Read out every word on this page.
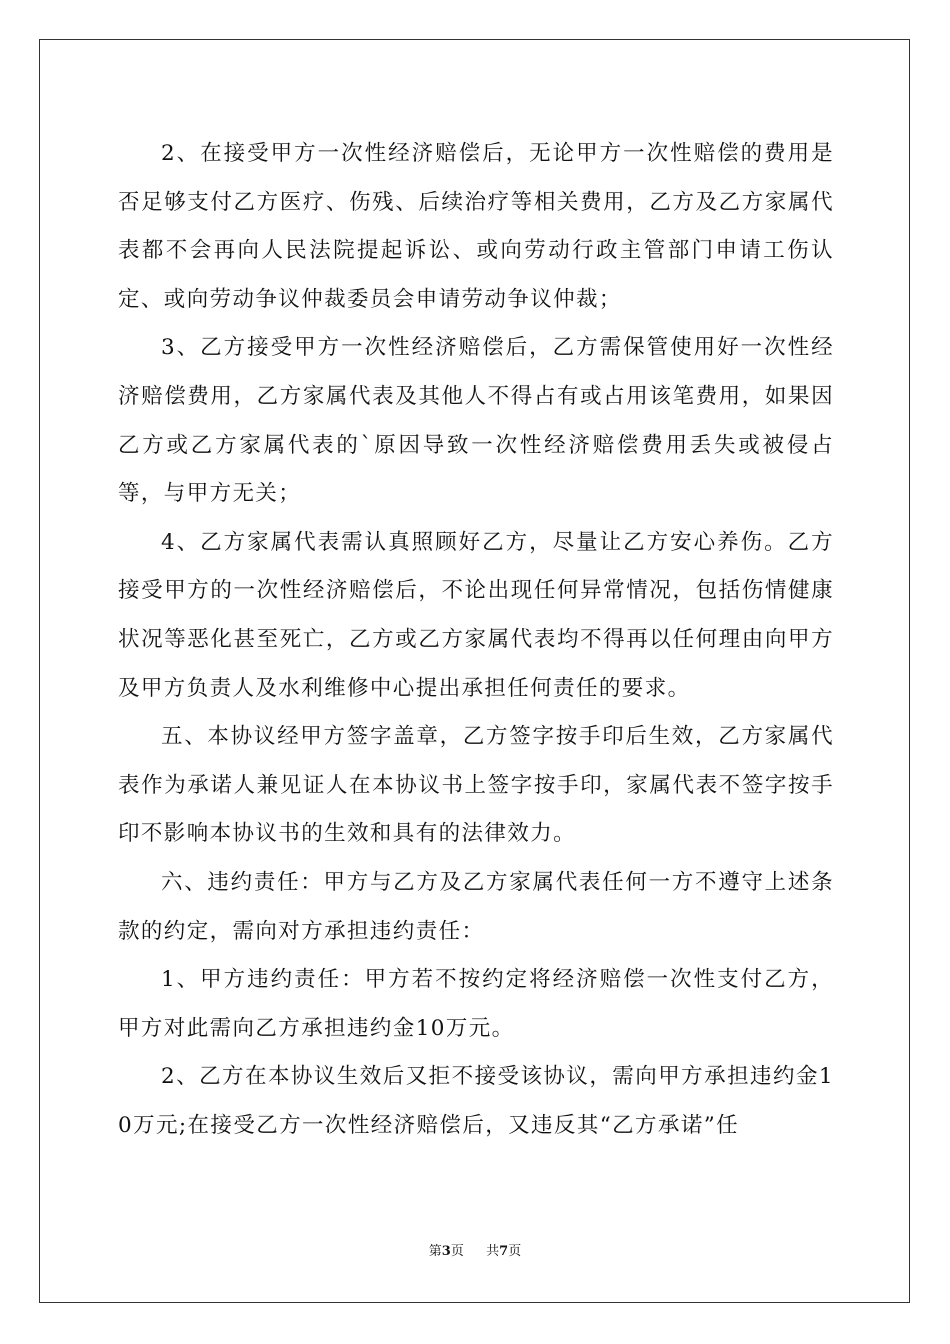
2、在接受甲方一次性经济赔偿后，无论甲方一次性赔偿的费用是否足够支付乙方医疗、伤残、后续治疗等相关费用，乙方及乙方家属代表都不会再向人民法院提起诉讼、或向劳动行政主管部门申请工伤认定、或向劳动争议仲裁委员会申请劳动争议仲裁；

3、乙方接受甲方一次性经济赔偿后，乙方需保管使用好一次性经济赔偿费用，乙方家属代表及其他人不得占有或占用该笔费用，如果因乙方或乙方家属代表的`原因导致一次性经济赔偿费用丢失或被侵占等，与甲方无关；

4、乙方家属代表需认真照顾好乙方，尽量让乙方安心养伤。乙方接受甲方的一次性经济赔偿后，不论出现任何异常情况，包括伤情健康状况等恶化甚至死亡，乙方或乙方家属代表均不得再以任何理由向甲方及甲方负责人及水利维修中心提出承担任何责任的要求。

五、本协议经甲方签字盖章，乙方签字按手印后生效，乙方家属代表作为承诺人兼见证人在本协议书上签字按手印，家属代表不签字按手印不影响本协议书的生效和具有的法律效力。

六、违约责任：甲方与乙方及乙方家属代表任何一方不遵守上述条款的约定，需向对方承担违约责任：

1、甲方违约责任：甲方若不按约定将经济赔偿一次性支付乙方，甲方对此需向乙方承担违约金10万元。

2、乙方在本协议生效后又拒不接受该协议，需向甲方承担违约金10万元;在接受乙方一次性经济赔偿后，又违反其“乙方承诺”任

第3页 共7页
